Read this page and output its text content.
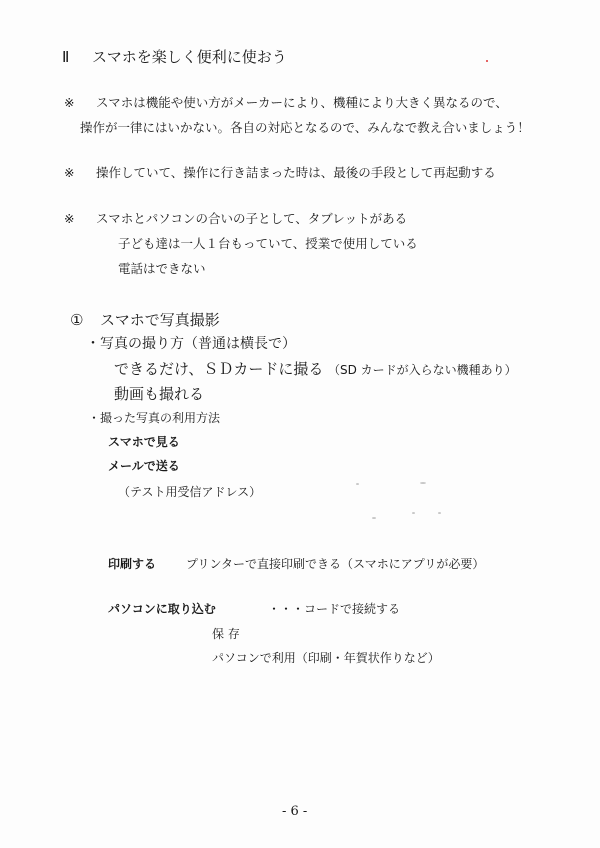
Ⅱ スマホを楽しく便利に使おう
※ スマホは機能や使い方がメーカーにより、機種により大きく異なるので、
操作が一律にはいかない。各自の対応となるので、みんなで教え合いましょう！
※ 操作していて、操作に行き詰まった時は、最後の手段として再起動する
※ スマホとパソコンの合いの子として、タブレットがある
子ども達は一人１台もっていて、授業で使用している
電話はできない
① スマホで写真撮影
・写真の撮り方（普通は横長で）
できるだけ、ＳＤカードに撮る （SD カードが入らない機種あり）
動画も撮れる
・撮った写真の利用方法
スマホで見る
メールで送る
（テスト用受信アドレス）
印刷する プリンターで直接印刷できる（スマホにアプリが必要）
パソコンに取り込む	・・・コードで接続する
保 存
パソコンで利用（印刷・年賀状作りなど）
- 6 -
